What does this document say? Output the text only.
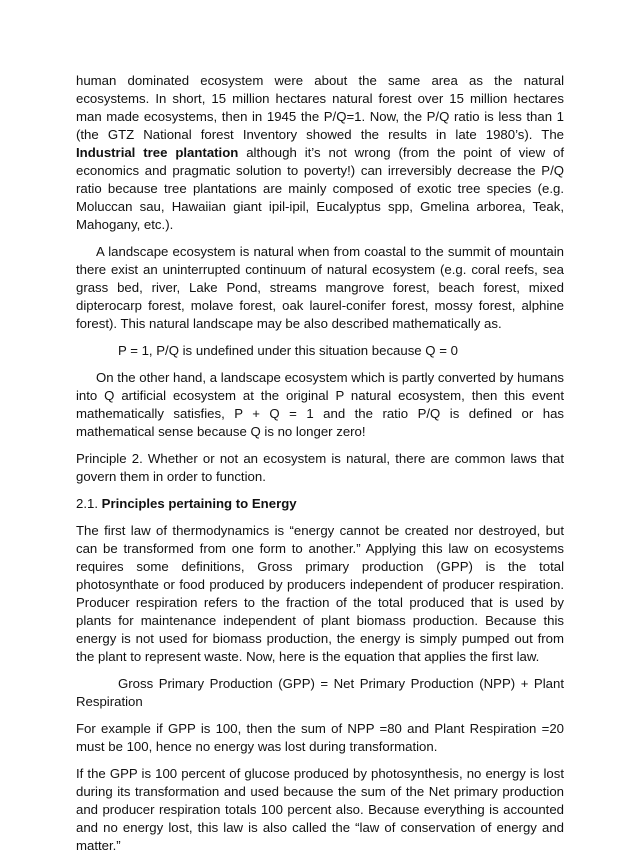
human dominated ecosystem were about the same area as the natural ecosystems. In short, 15 million hectares natural forest over 15 million hectares man made ecosystems, then in 1945 the P/Q=1. Now, the P/Q ratio is less than 1 (the GTZ National forest Inventory showed the results in late 1980’s). The Industrial tree plantation although it’s not wrong (from the point of view of economics and pragmatic solution to poverty!) can irreversibly decrease the P/Q ratio because tree plantations are mainly composed of exotic tree species (e.g. Moluccan sau, Hawaiian giant ipil-ipil, Eucalyptus spp, Gmelina arborea, Teak, Mahogany, etc.).

A landscape ecosystem is natural when from coastal to the summit of mountain there exist an uninterrupted continuum of natural ecosystem (e.g. coral reefs, sea grass bed, river, Lake Pond, streams mangrove forest, beach forest, mixed dipterocarp forest, molave forest, oak laurel-conifer forest, mossy forest, alphine forest). This natural landscape may be also described mathematically as.

P = 1, P/Q is undefined under this situation because Q = 0

On the other hand, a landscape ecosystem which is partly converted by humans into Q artificial ecosystem at the original P natural ecosystem, then this event mathematically satisfies, P + Q = 1 and the ratio P/Q is defined or has mathematical sense because Q is no longer zero!

Principle 2. Whether or not an ecosystem is natural, there are common laws that govern them in order to function.

2.1. Principles pertaining to Energy

The first law of thermodynamics is “energy cannot be created nor destroyed, but can be transformed from one form to another.” Applying this law on ecosystems requires some definitions, Gross primary production (GPP) is the total photosynthate or food produced by producers independent of producer respiration. Producer respiration refers to the fraction of the total produced that is used by plants for maintenance independent of plant biomass production. Because this energy is not used for biomass production, the energy is simply pumped out from the plant to represent waste. Now, here is the equation that applies the first law.

Gross Primary Production (GPP) = Net Primary Production (NPP) + Plant Respiration

For example if GPP is 100, then the sum of NPP =80 and Plant Respiration =20 must be 100, hence no energy was lost during transformation.

If the GPP is 100 percent of glucose produced by photosynthesis, no energy is lost during its transformation and used because the sum of the Net primary production and producer respiration totals 100 percent also. Because everything is accounted and no energy lost, this law is also called the “law of conservation of energy and matter.”
